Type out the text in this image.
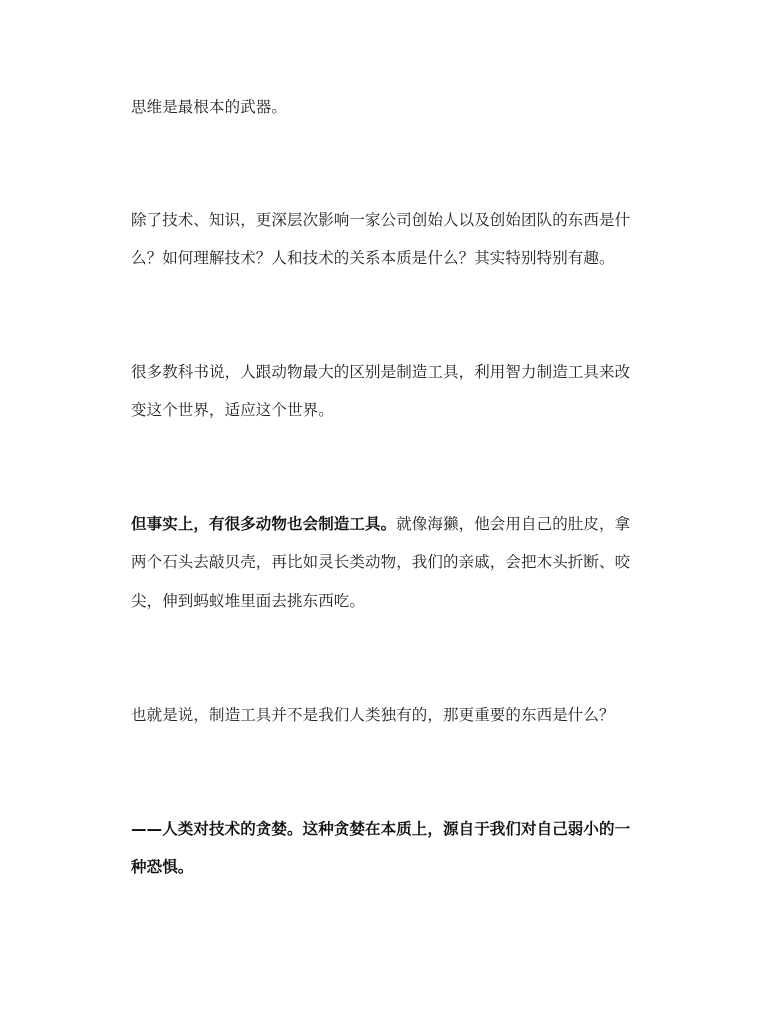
思维是最根本的武器。
除了技术、知识，更深层次影响一家公司创始人以及创始团队的东西是什
么？如何理解技术？人和技术的关系本质是什么？其实特别特别有趣。
很多教科书说，人跟动物最大的区别是制造工具，利用智力制造工具来改
变这个世界，适应这个世界。
但事实上，有很多动物也会制造工具。就像海獭，他会用自己的肚皮，拿
两个石头去敲贝壳，再比如灵长类动物，我们的亲戚，会把木头折断、咬
尖，伸到蚂蚁堆里面去挑东西吃。
也就是说，制造工具并不是我们人类独有的，那更重要的东西是什么？
——人类对技术的贪婪。这种贪婪在本质上，源自于我们对自己弱小的一
种恐惧。
